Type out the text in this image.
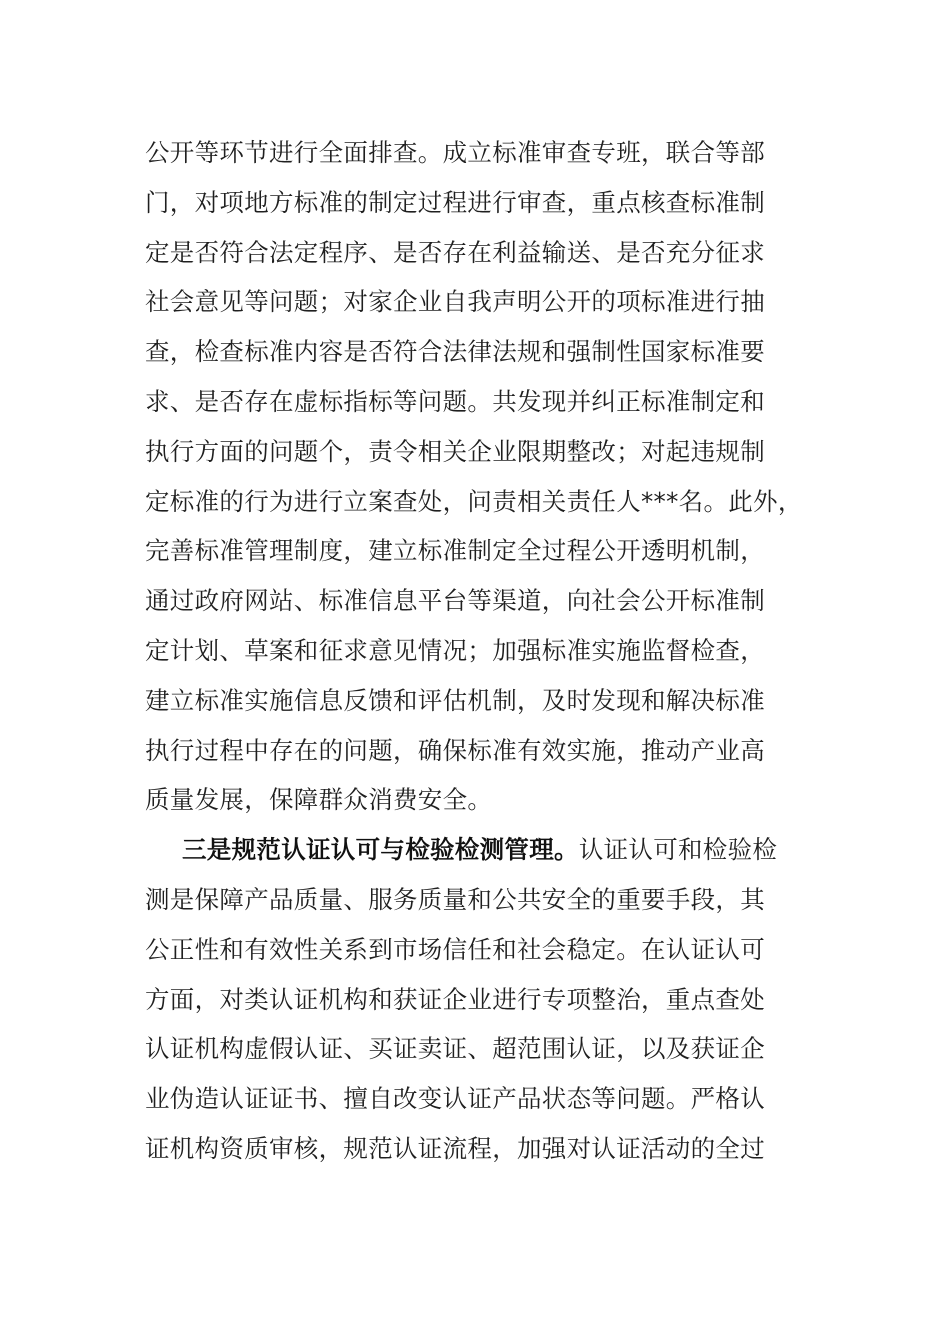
公开等环节进行全面排查。成立标准审查专班，联合等部
门，对项地方标准的制定过程进行审查，重点核查标准制
定是否符合法定程序、是否存在利益输送、是否充分征求
社会意见等问题；对家企业自我声明公开的项标准进行抽
查，检查标准内容是否符合法律法规和强制性国家标准要
求、是否存在虚标指标等问题。共发现并纠正标准制定和
执行方面的问题个，责令相关企业限期整改；对起违规制
定标准的行为进行立案查处，问责相关责任人***名。此外，
完善标准管理制度，建立标准制定全过程公开透明机制，
通过政府网站、标准信息平台等渠道，向社会公开标准制
定计划、草案和征求意见情况；加强标准实施监督检查，
建立标准实施信息反馈和评估机制，及时发现和解决标准
执行过程中存在的问题，确保标准有效实施，推动产业高
质量发展，保障群众消费安全。
三是规范认证认可与检验检测管理。认证认可和检验检
测是保障产品质量、服务质量和公共安全的重要手段，其
公正性和有效性关系到市场信任和社会稳定。在认证认可
方面，对类认证机构和获证企业进行专项整治，重点查处
认证机构虚假认证、买证卖证、超范围认证，以及获证企
业伪造认证证书、擅自改变认证产品状态等问题。严格认
证机构资质审核，规范认证流程，加强对认证活动的全过
